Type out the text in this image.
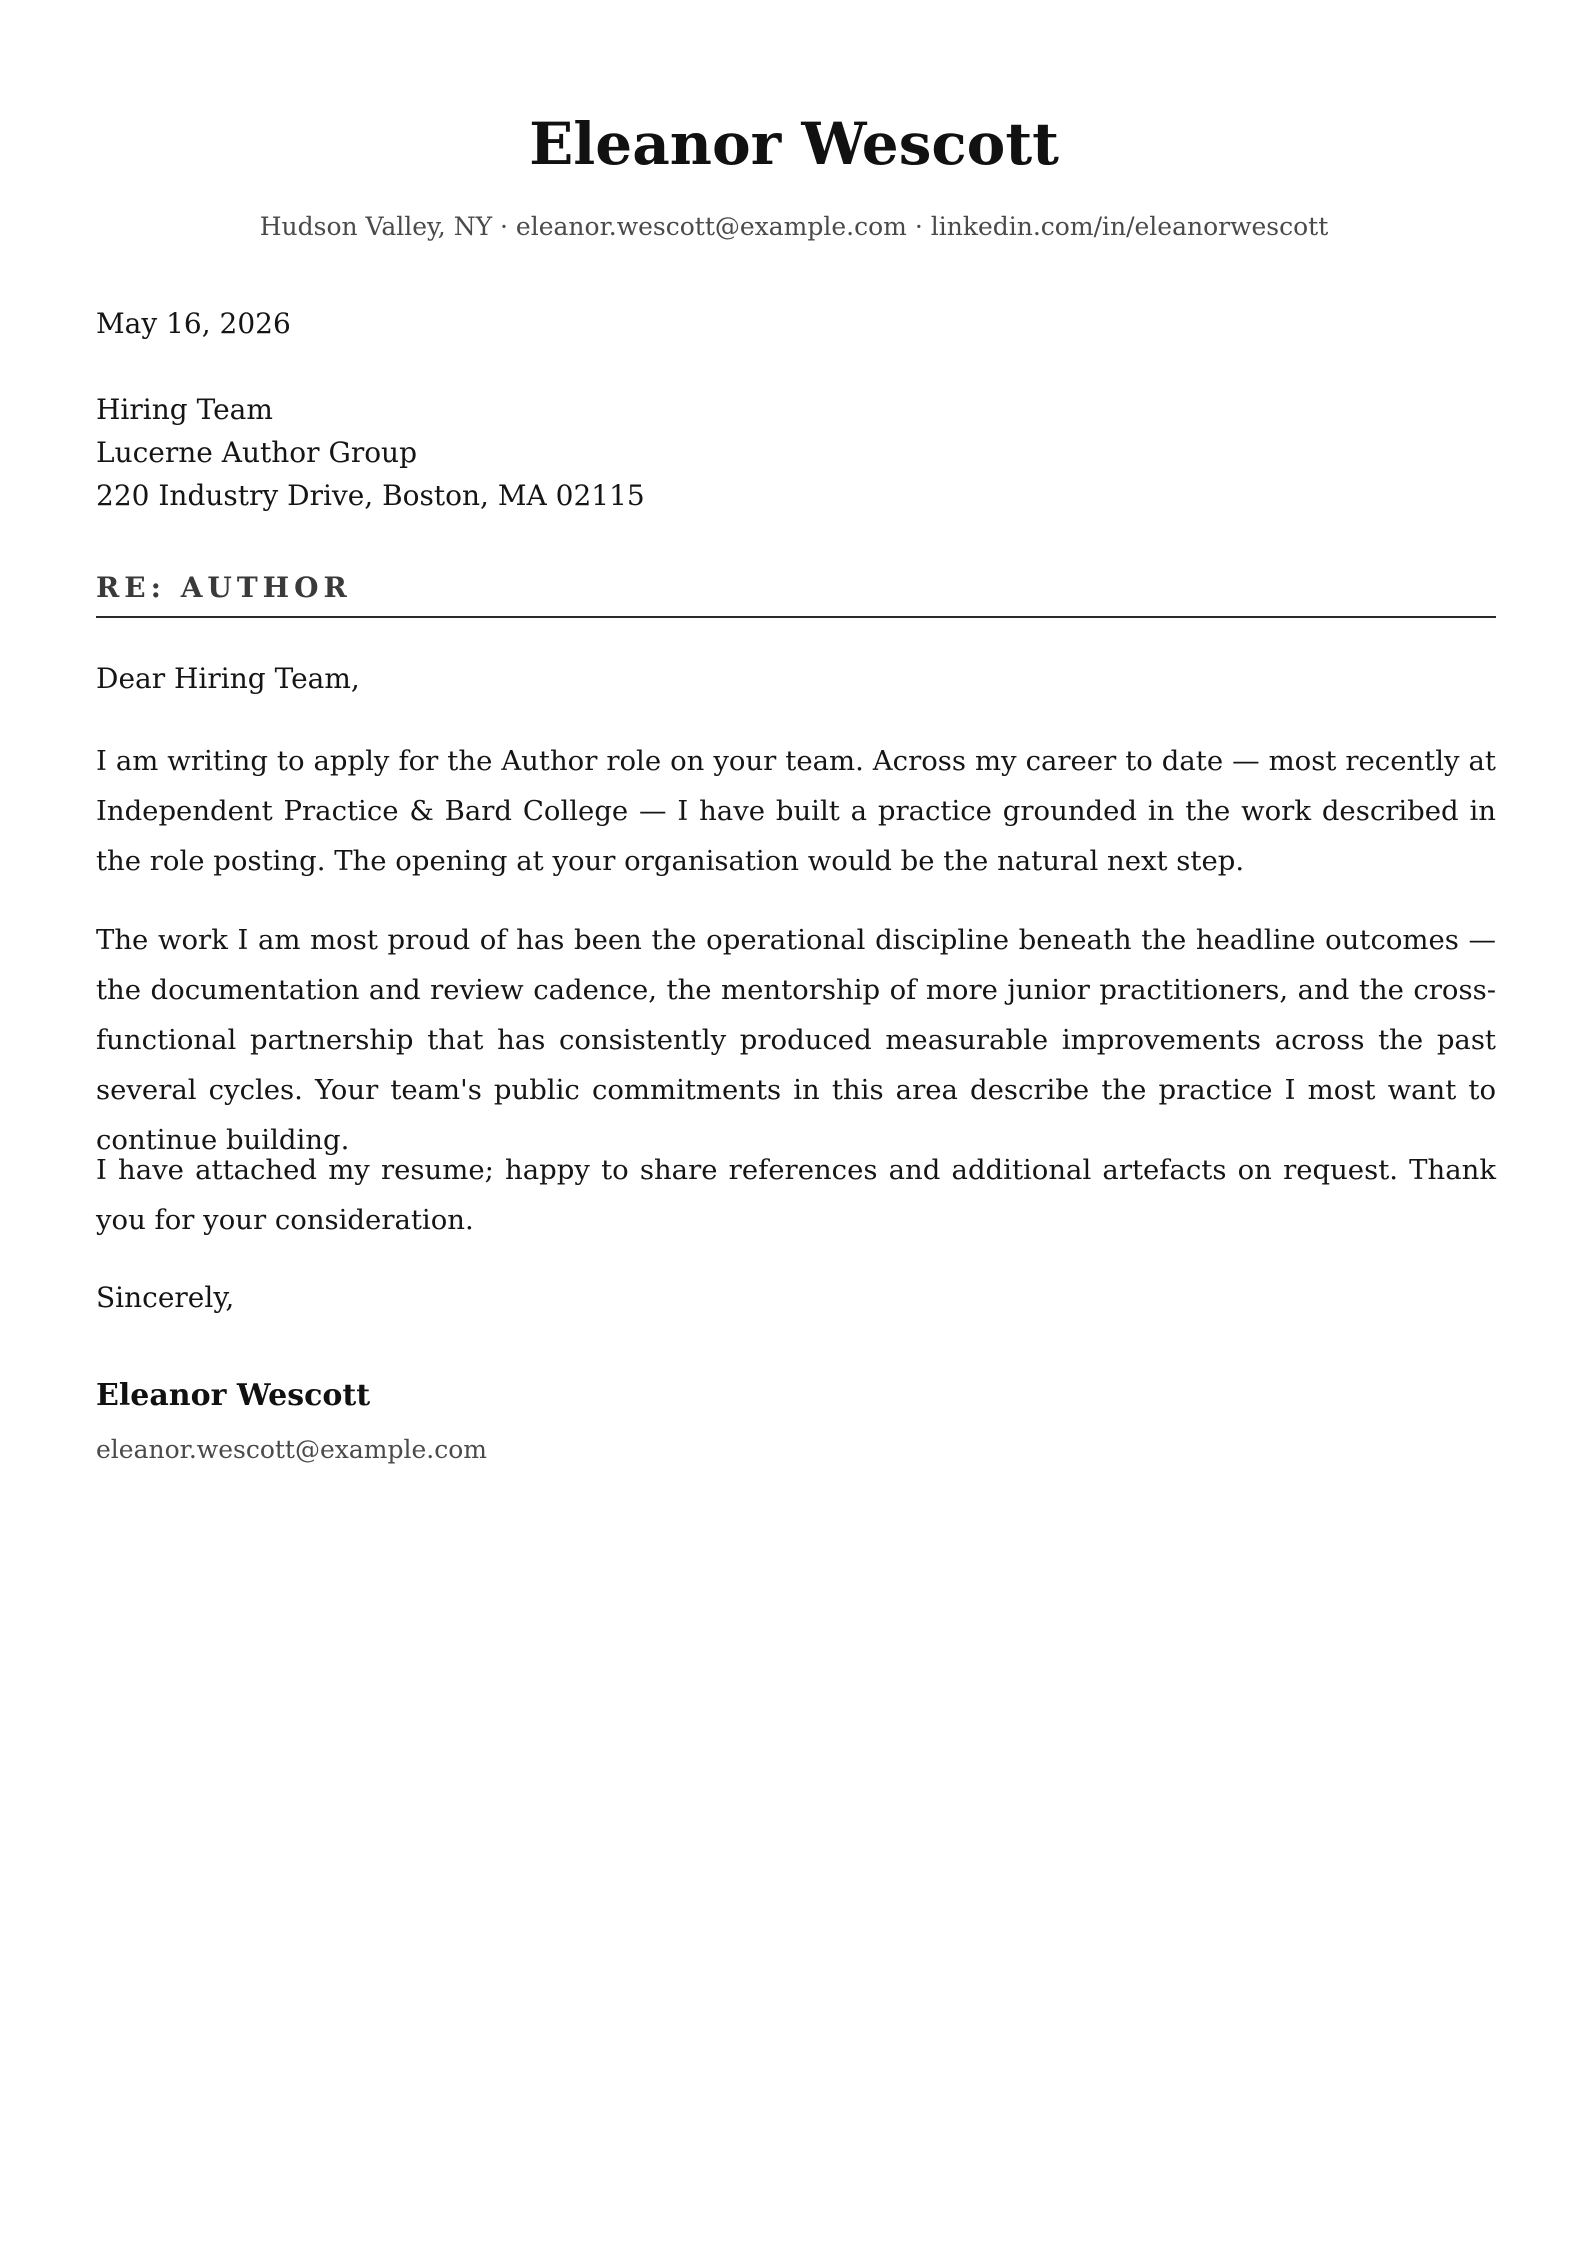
Eleanor Wescott
Hudson Valley, NY · eleanor.wescott@example.com · linkedin.com/in/eleanorwescott
May 16, 2026
Hiring Team
Lucerne Author Group
220 Industry Drive, Boston, MA 02115
RE: AUTHOR
Dear Hiring Team,

I am writing to apply for the Author role on your team. Across my career to date — most recently at Independent Practice & Bard College — I have built a practice grounded in the work described in the role posting. The opening at your organisation would be the natural next step.

The work I am most proud of has been the operational discipline beneath the headline outcomes — the documentation and review cadence, the mentorship of more junior practitioners, and the cross-functional partnership that has consistently produced measurable improvements across the past several cycles. Your team's public commitments in this area describe the practice I most want to continue building.

I have attached my resume; happy to share references and additional artefacts on request. Thank you for your consideration.

Sincerely,
Eleanor Wescott
eleanor.wescott@example.com
